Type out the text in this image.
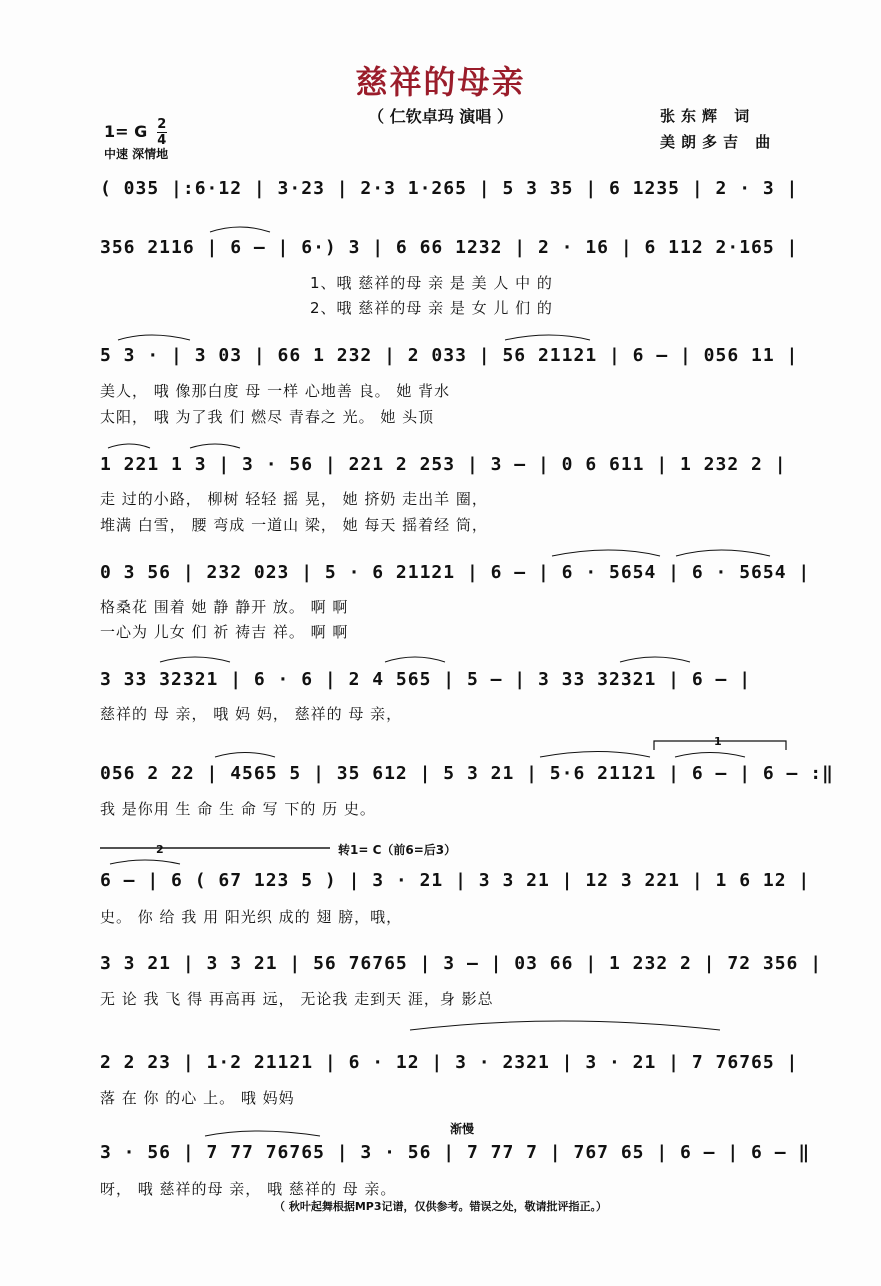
慈祥的母亲
（ 仁钦卓玛 演唱 ）	张东辉 词
美朗多吉 曲
1= G $\frac{2}{4}$
中速 深情地
( 035 |:6·12 | 3·23 | 2·3 1·265 | 5 3 35 | 6 1235 | 2 · 3 |
356 2116 | 6 – | 6·) 3 | 6 66 1232 | 2 · 16 | 6 112 2·165 |
1、哦 慈祥的母 亲 是 美 人 中 的
2、哦 慈祥的母 亲 是 女 儿 们 的
5 3 · | 3 03 | 66 1 232 | 2 033 | 56 21121 | 6 – | 056 11 |
美人， 哦 像那白度 母 一样 心地善 良。 她 背水
太阳， 哦 为了我 们 燃尽 青春之 光。 她 头顶
1 221 1 3 | 3 · 56 | 221 2 253 | 3 – | 0 6 611 | 1 232 2 |
走 过的小路， 柳树 轻轻 摇 晃， 她 挤奶 走出羊 圈，
堆满 白雪， 腰 弯成 一道山 梁， 她 每天 摇着经 筒，
0 3 56 | 232 023 | 5 · 6 21121 | 6 – | 6 · 5654 | 6 · 5654 |
格桑花 围着 她 静 静开 放。 啊 啊
一心为 儿女 们 祈 祷吉 祥。 啊 啊
3 33 32321 | 6 · 6 | 2 4 565 | 5 – | 3 33 32321 | 6 – |
慈祥的 母 亲， 哦 妈 妈， 慈祥的 母 亲，
1
056 2 22 | 4565 5 | 35 612 | 5 3 21 | 5·6 21121 | 6 – | 6 – :‖
我 是你用 生 命 生 命 写 下的 历 史。
2	转1= C（前6=后3）
6 – | 6 ( 67 123 5 ) | 3 · 21 | 3 3 21 | 12 3 221 | 1 6 12 |
史。 你 给 我 用 阳光织 成的 翅 膀，哦，
3 3 21 | 3 3 21 | 56 76765 | 3 – | 03 66 | 1 232 2 | 72 356 |
无 论 我 飞 得 再高再 远， 无论我 走到天 涯，身 影总
2 2 23 | 1·2 21121 | 6 · 12 | 3 · 2321 | 3 · 21 | 7 76765 |
落 在 你 的心 上。 哦 妈妈
渐慢
3 · 56 | 7 77 76765 | 3 · 56 | 7 77 7 | 767 65 | 6 – | 6 – ‖
呀， 哦 慈祥的母 亲， 哦 慈祥的 母 亲。
（ 秋叶起舞根据MP3记谱，仅供参考。错误之处，敬请批评指正。）
